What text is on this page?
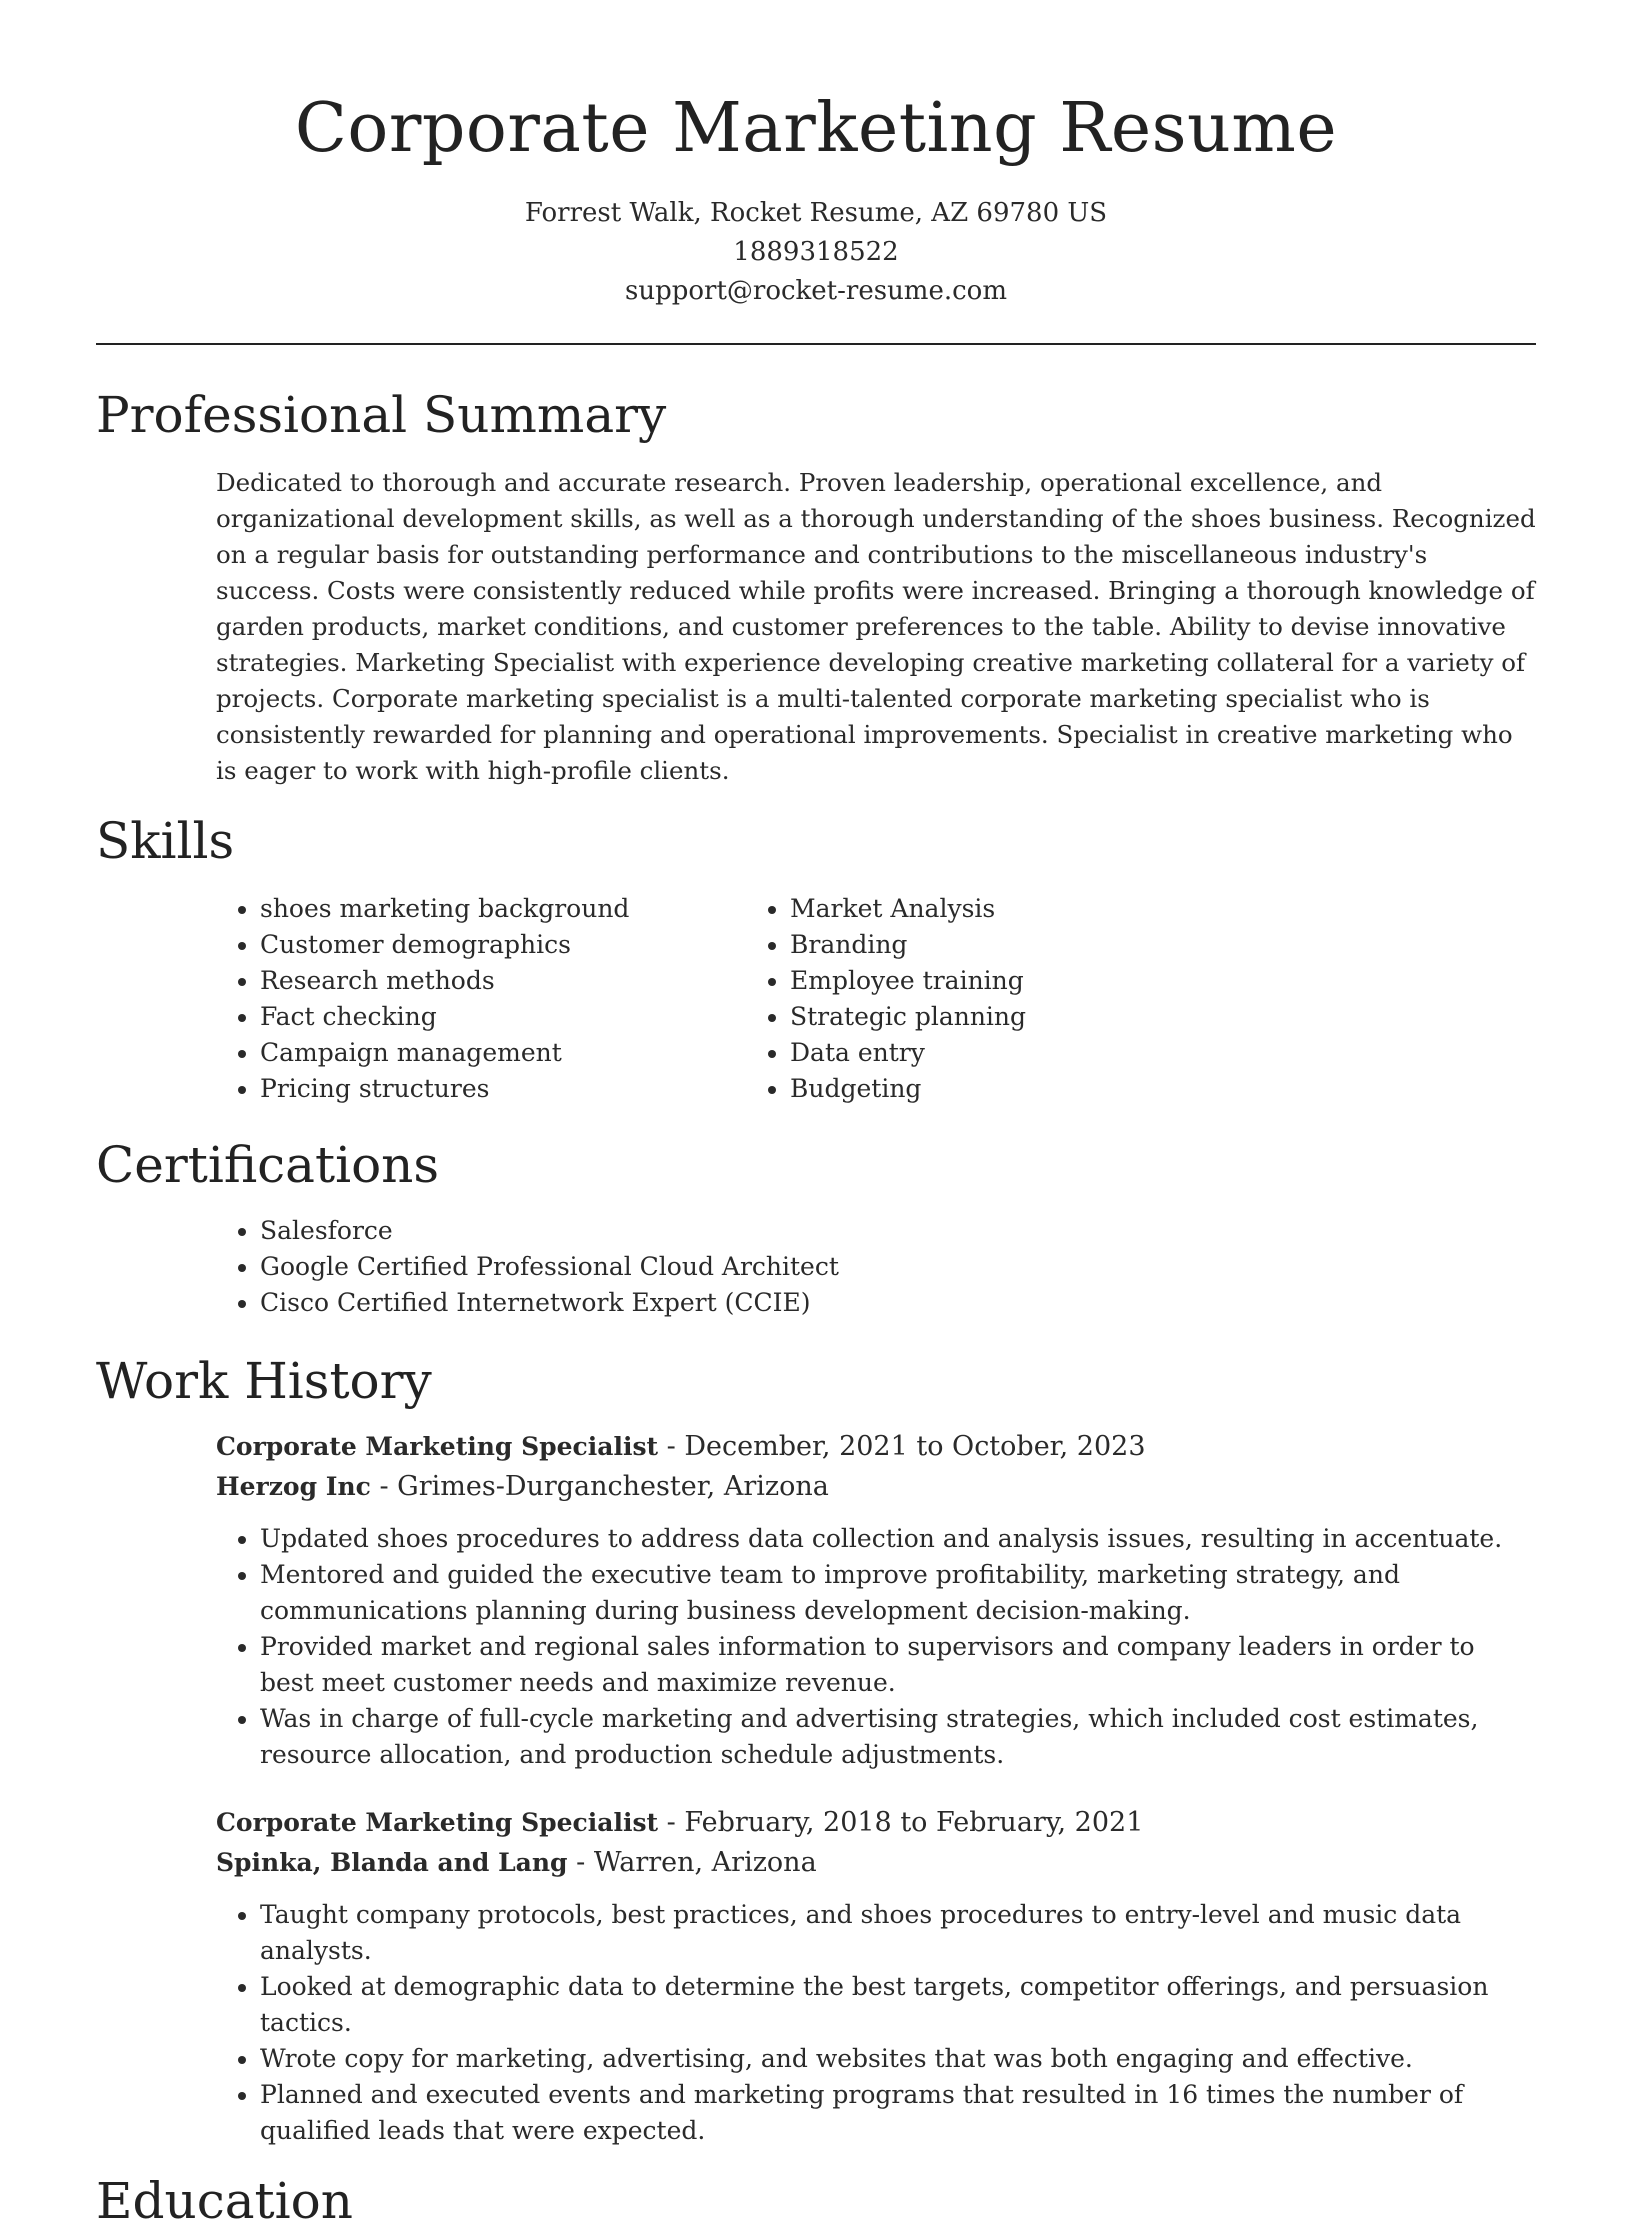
Corporate Marketing Resume
Forrest Walk, Rocket Resume, AZ 69780 US
1889318522
support@rocket-resume.com
Professional Summary

Dedicated to thorough and accurate research. Proven leadership, operational excellence, and organizational development skills, as well as a thorough understanding of the shoes business. Recognized on a regular basis for outstanding performance and contributions to the miscellaneous industry's success. Costs were consistently reduced while profits were increased. Bringing a thorough knowledge of garden products, market conditions, and customer preferences to the table. Ability to devise innovative strategies. Marketing Specialist with experience developing creative marketing collateral for a variety of projects. Corporate marketing specialist is a multi-talented corporate marketing specialist who is consistently rewarded for planning and operational improvements. Specialist in creative marketing who is eager to work with high-profile clients.

Skills
• shoes marketing background
• Customer demographics
• Research methods
• Fact checking
• Campaign management
• Pricing structures
• Market Analysis
• Branding
• Employee training
• Strategic planning
• Data entry
• Budgeting
Certifications
• Salesforce
• Google Certified Professional Cloud Architect
• Cisco Certified Internetwork Expert (CCIE)
Work History
Corporate Marketing Specialist - December, 2021 to October, 2023
Herzog Inc - Grimes-Durganchester, Arizona
• Updated shoes procedures to address data collection and analysis issues, resulting in accentuate.
• Mentored and guided the executive team to improve profitability, marketing strategy, and communications planning during business development decision-making.
• Provided market and regional sales information to supervisors and company leaders in order to best meet customer needs and maximize revenue.
• Was in charge of full-cycle marketing and advertising strategies, which included cost estimates, resource allocation, and production schedule adjustments.
Corporate Marketing Specialist - February, 2018 to February, 2021
Spinka, Blanda and Lang - Warren, Arizona
• Taught company protocols, best practices, and shoes procedures to entry-level and music data analysts.
• Looked at demographic data to determine the best targets, competitor offerings, and persuasion tactics.
• Wrote copy for marketing, advertising, and websites that was both engaging and effective.
• Planned and executed events and marketing programs that resulted in 16 times the number of qualified leads that were expected.
Education
